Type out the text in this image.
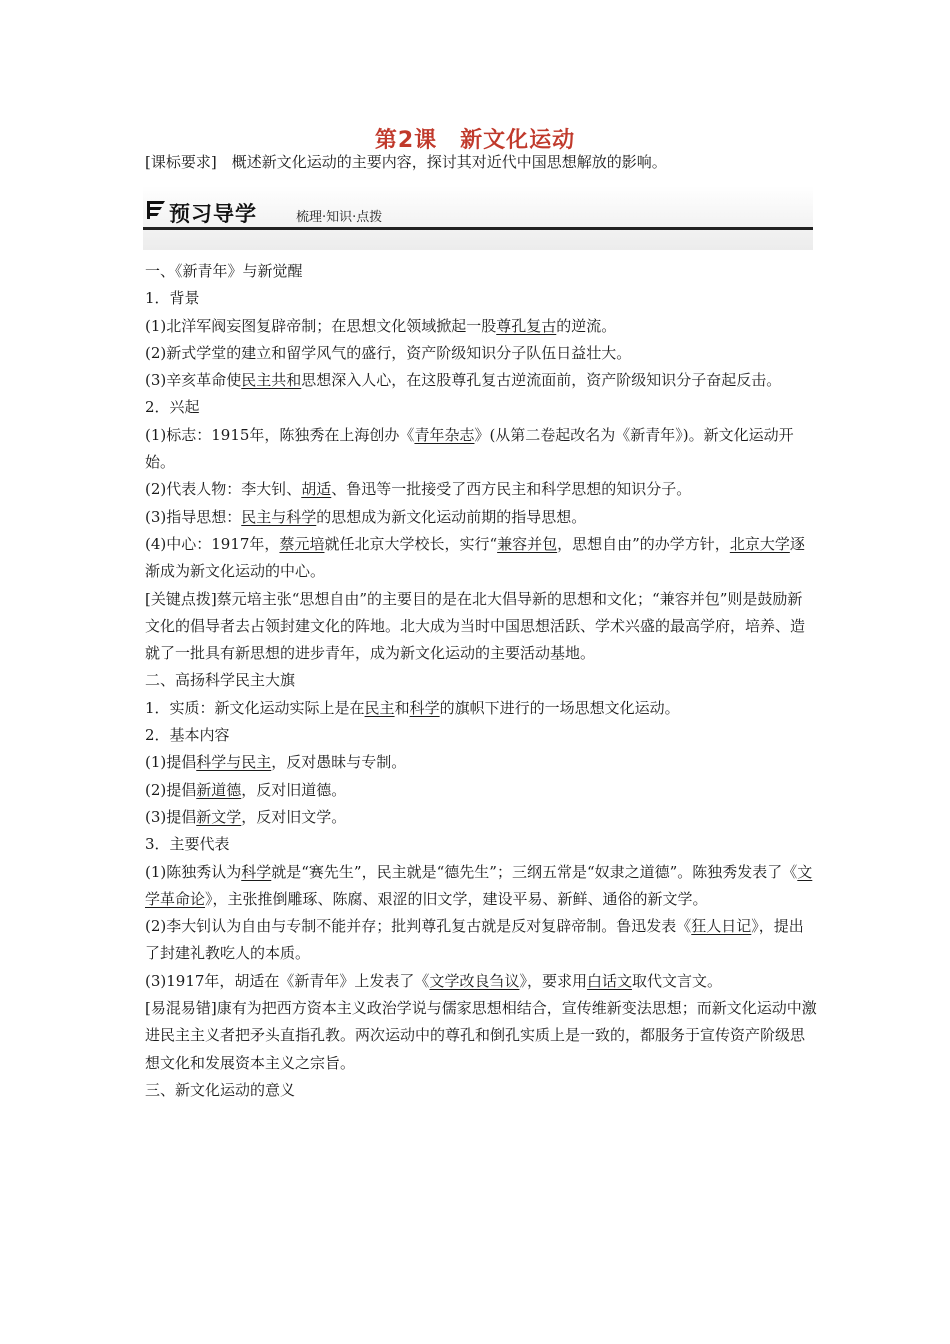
第2课　新文化运动
[课标要求]　概述新文化运动的主要内容，探讨其对近代中国思想解放的影响。
预习导学	梳理·知识·点拨

一、《新青年》与新觉醒

1．背景

(1)北洋军阀妄图复辟帝制；在思想文化领域掀起一股尊孔复古的逆流。

(2)新式学堂的建立和留学风气的盛行，资产阶级知识分子队伍日益壮大。

(3)辛亥革命使民主共和思想深入人心，在这股尊孔复古逆流面前，资产阶级知识分子奋起反击。

2．兴起

(1)标志：1915年，陈独秀在上海创办《青年杂志》(从第二卷起改名为《新青年》)。新文化运动开始。

(2)代表人物：李大钊、胡适、鲁迅等一批接受了西方民主和科学思想的知识分子。

(3)指导思想：民主与科学的思想成为新文化运动前期的指导思想。

(4)中心：1917年，蔡元培就任北京大学校长，实行“兼容并包，思想自由”的办学方针，北京大学逐渐成为新文化运动的中心。

[关键点拨]蔡元培主张“思想自由”的主要目的是在北大倡导新的思想和文化；“兼容并包”则是鼓励新文化的倡导者去占领封建文化的阵地。北大成为当时中国思想活跃、学术兴盛的最高学府，培养、造就了一批具有新思想的进步青年，成为新文化运动的主要活动基地。

二、高扬科学民主大旗

1．实质：新文化运动实际上是在民主和科学的旗帜下进行的一场思想文化运动。

2．基本内容

(1)提倡科学与民主，反对愚昧与专制。

(2)提倡新道德，反对旧道德。

(3)提倡新文学，反对旧文学。

3．主要代表

(1)陈独秀认为科学就是“赛先生”，民主就是“德先生”；三纲五常是“奴隶之道德”。陈独秀发表了《文学革命论》，主张推倒雕琢、陈腐、艰涩的旧文学，建设平易、新鲜、通俗的新文学。

(2)李大钊认为自由与专制不能并存；批判尊孔复古就是反对复辟帝制。鲁迅发表《狂人日记》，提出了封建礼教吃人的本质。

(3)1917年，胡适在《新青年》上发表了《文学改良刍议》，要求用白话文取代文言文。

[易混易错]康有为把西方资本主义政治学说与儒家思想相结合，宣传维新变法思想；而新文化运动中激进民主主义者把矛头直指孔教。两次运动中的尊孔和倒孔实质上是一致的，都服务于宣传资产阶级思想文化和发展资本主义之宗旨。

三、新文化运动的意义
